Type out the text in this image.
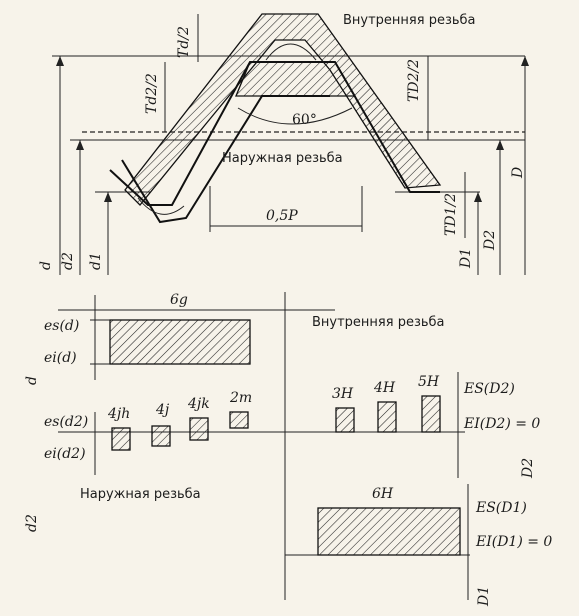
60°
0,5P
Внутренняя резьба
Наружная резьба
Td/2
Td2/2	TD2/2
TD1/2
d d2 d1
D
D2
D1
d
6g
es(d)
ei(d)
Внутренняя резьба
es(d2)
ei(d2)
d2
4jh 4j 4jk 2m	3H 4H 5H ES(D2)
EI(D2) = 0
D2
Наружная резьба	6H
ES(D1)
EI(D1) = 0
D1
